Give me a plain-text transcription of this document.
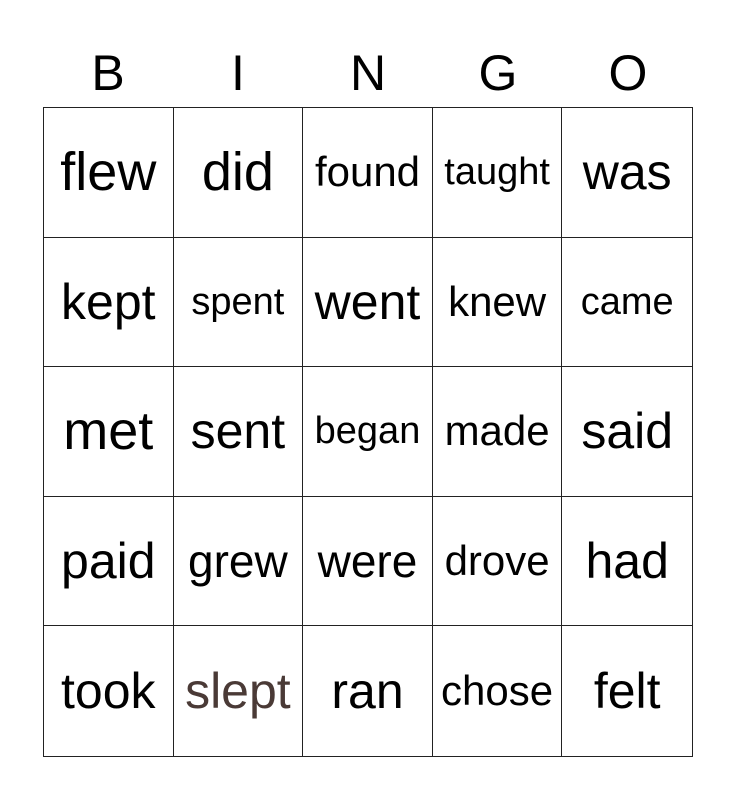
B	I	N	G	O
flew did found taught was
kept spent went knew came
met sent began made said
paid grew were drove had
took slept ran chose felt
